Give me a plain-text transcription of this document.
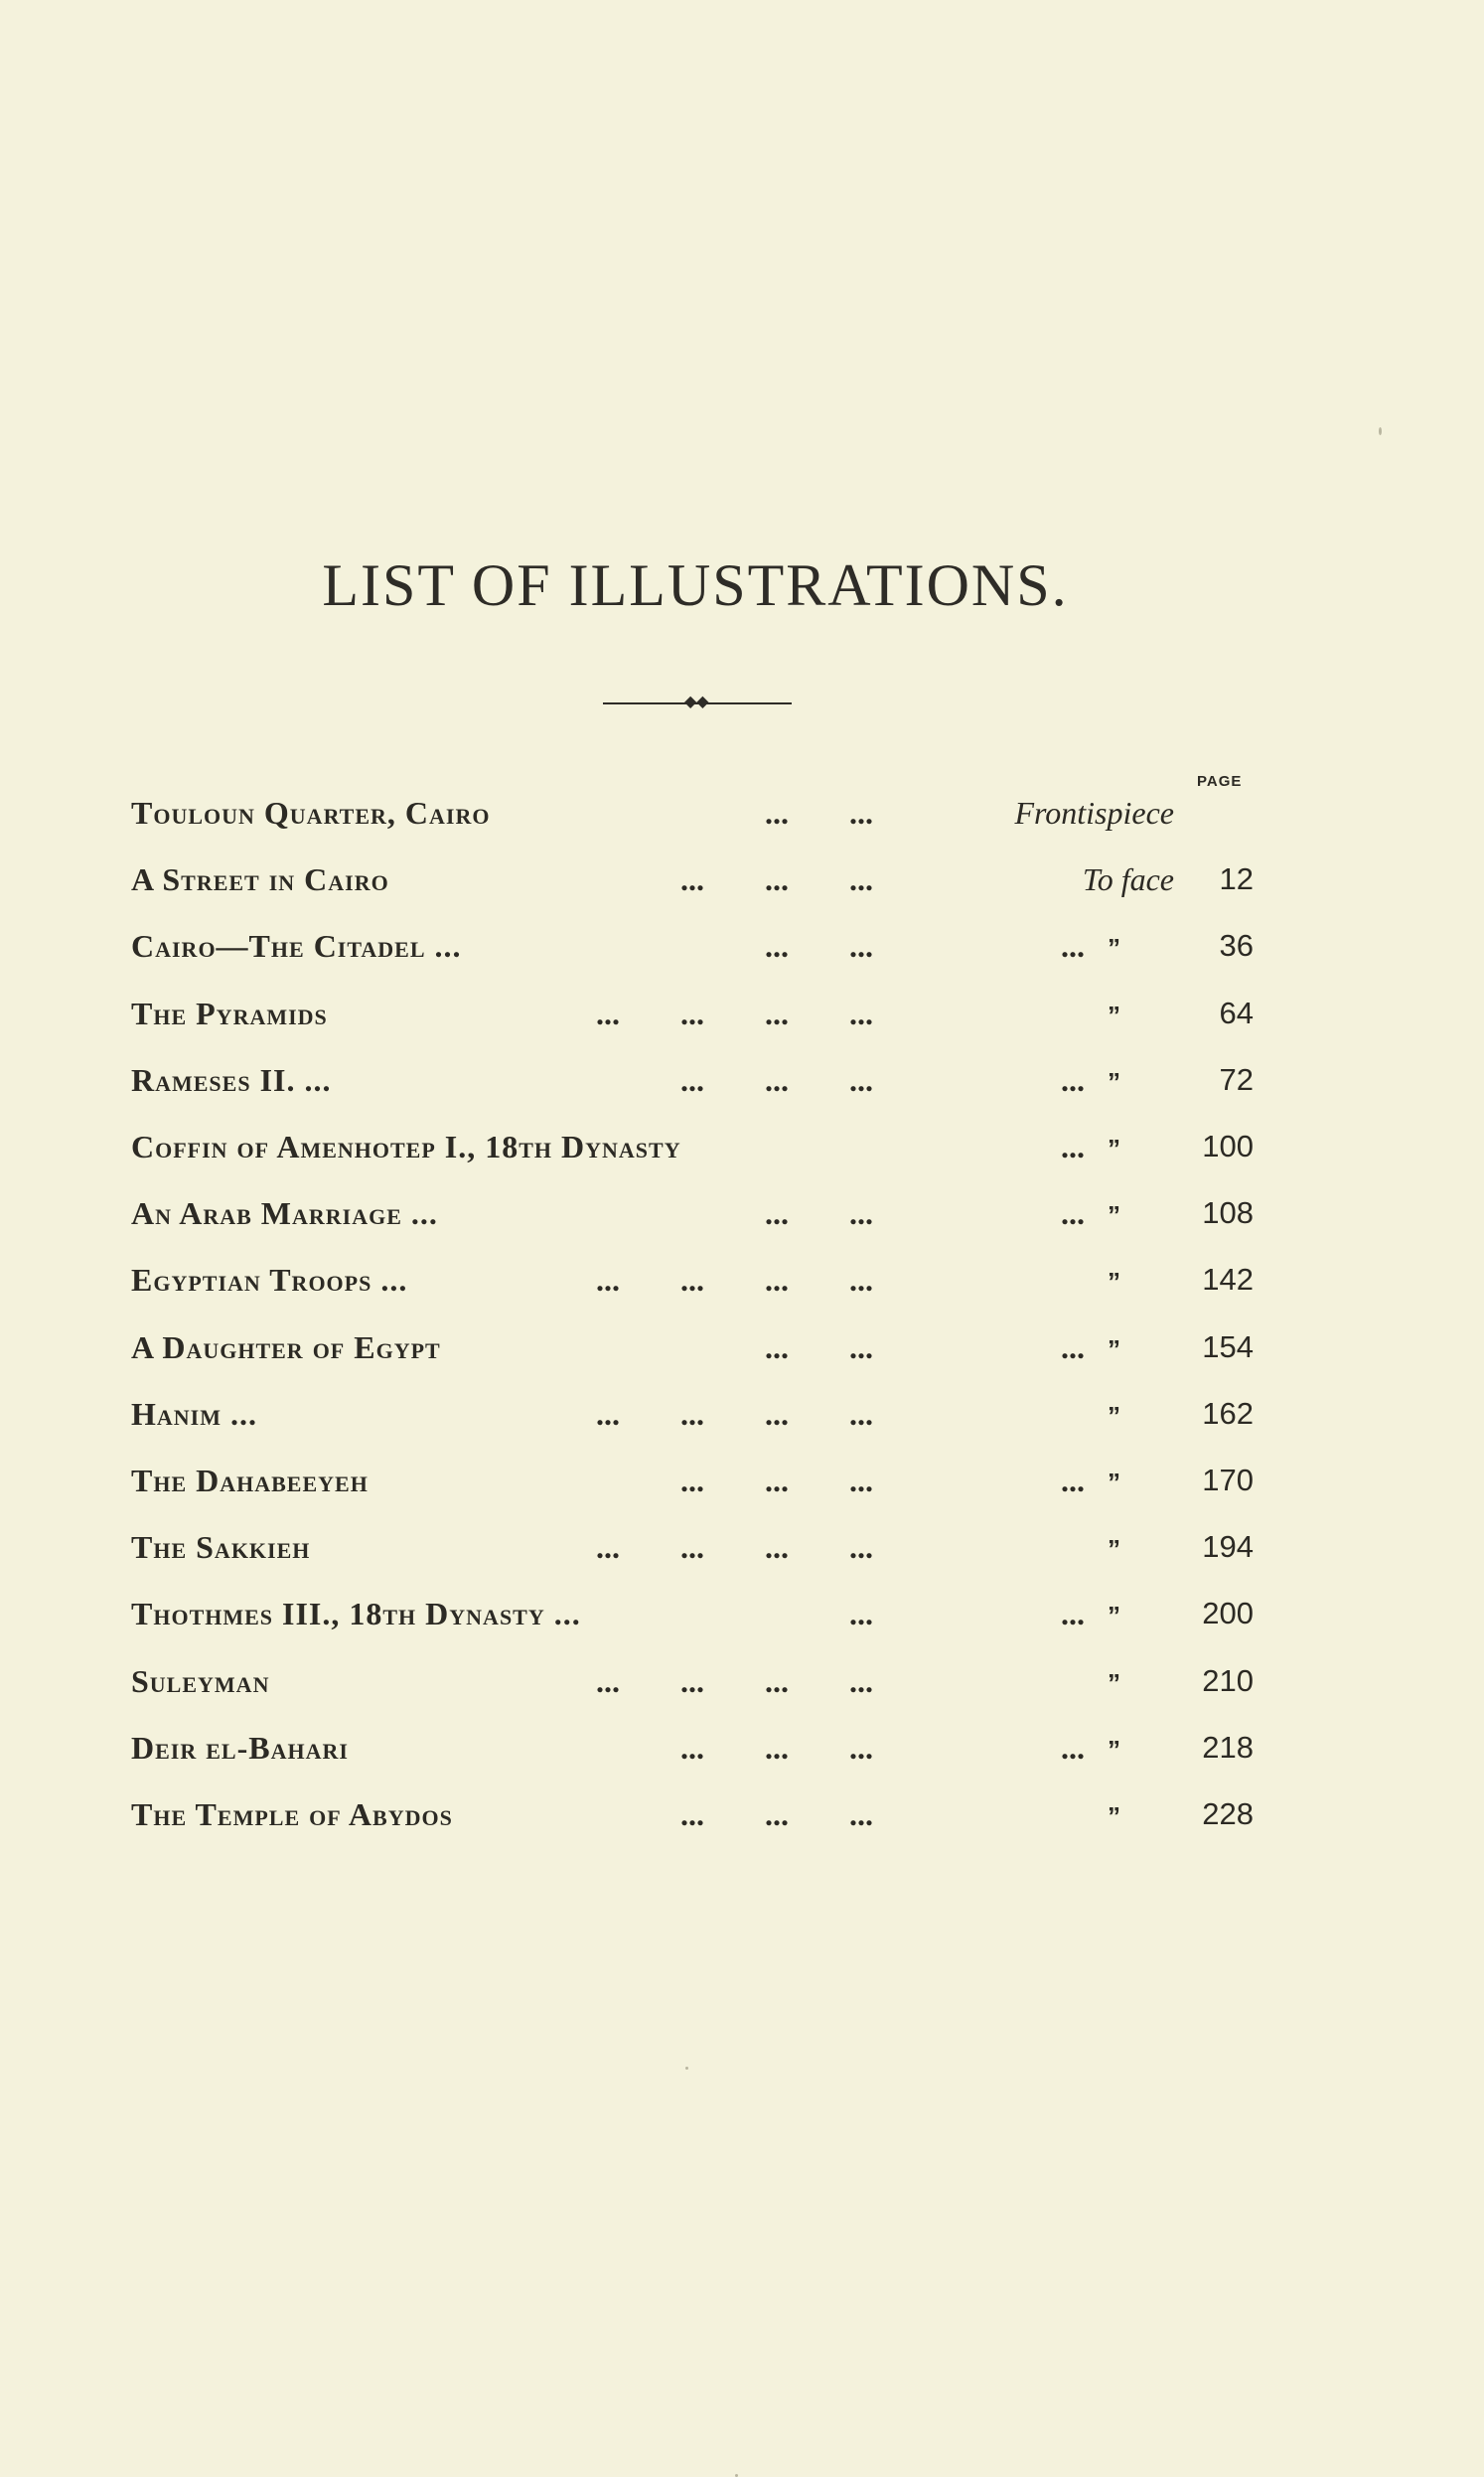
LIST OF ILLUSTRATIONS.
◆◆
PAGE
Touloun Quarter, Cairo	...	...	Frontispiece
A Street in Cairo	...	...	...	To face 12
Cairo—The Citadel ...	...	...	... ”	36
The Pyramids	...	...	...	...	”	64
Rameses II. ...	...	...	...	... ”	72
Coffin of Amenhotep I., 18th Dynasty	... ”	100
An Arab Marriage ...	...	...	... ”	108
Egyptian Troops ...	...	...	...	...	”	142
A Daughter of Egypt	...	...	... ”	154
Hanim ...	...	...	...	...	”	162
The Dahabeeyeh	...	...	...	... ”	170
The Sakkieh	...	...	...	...	”	194
Thothmes III., 18th Dynasty ...	...	... ”	200
Suleyman	...	...	...	...	”	210
Deir el-Bahari	...	...	...	... ”	218
The Temple of Abydos	...	...	...	”	228
